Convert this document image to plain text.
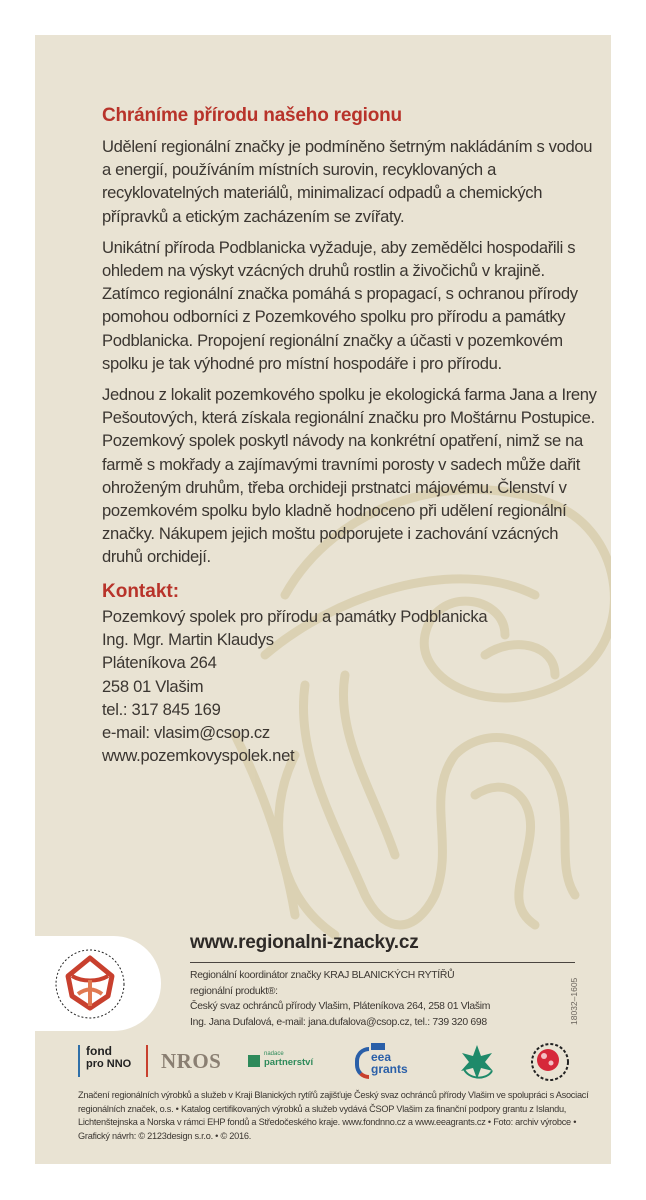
Chráníme přírodu našeho regionu

Udělení regionální značky je podmíněno šetrným nakládáním s vodou a energií, používáním místních surovin, recyklovaných a recyklovatelných materiálů, minimalizací odpadů a chemických přípravků a etickým zacházením se zvířaty.

Unikátní příroda Podblanicka vyžaduje, aby zemědělci hospodařili s ohledem na výskyt vzácných druhů rostlin a živočichů v krajině. Zatímco regionální značka pomáhá s propagací, s ochranou přírody pomohou odborníci z Pozemkového spolku pro přírodu a památky Podblanicka. Propojení regionální značky a účasti v pozemkovém spolku je tak výhodné pro místní hospodáře i pro přírodu.

Jednou z lokalit pozemkového spolku je ekologická farma Jana a Ireny Pešoutových, která získala regionální značku pro Moštárnu Postupice. Pozemkový spolek poskytl návody na konkrétní opatření, nimž se na farmě s mokřady a zajímavými travními porosty v sadech může dařit ohroženým druhům, třeba orchideji prstnatci májovému. Členství v pozemkovém spolku bylo kladně hodnoceno při udělení regionální značky. Nákupem jejich moštu podporujete i zachování vzácných druhů orchidejí.

Kontakt:
Pozemkový spolek pro přírodu a památky Podblanicka
Ing. Mgr. Martin Klaudys
Pláteníkova 264
258 01 Vlašim
tel.: 317 845 169
e-mail: vlasim@csop.cz
www.pozemkovyspolek.net
www.regionalni-znacky.cz
Regionální koordinátor značky KRAJ BLANICKÝCH RYTÍŘŮ
regionální produkt®:
Český svaz ochránců přírody Vlašim, Pláteníkova 264, 258 01 Vlašim
Ing. Jana Dufalová, e-mail: jana.dufalova@csop.cz, tel.: 739 320 698	18032–1605
fond
pro NNO NROS	nadace
partnerství	eea
grants
Značení regionálních výrobků a služeb v Kraji Blanických rytířů zajišťuje Český svaz ochránců přírody Vlašim ve spolupráci s Asociací regionálních značek, o.s. • Katalog certifikovaných výrobků a služeb vydává ČSOP Vlašim za finanční podpory grantu z Islandu, Lichtenštejnska a Norska v rámci EHP fondů a Středočeského kraje. www.fondnno.cz a www.eeagrants.cz • Foto: archiv výrobce • Grafický návrh: © 2123design s.r.o. • © 2016.
